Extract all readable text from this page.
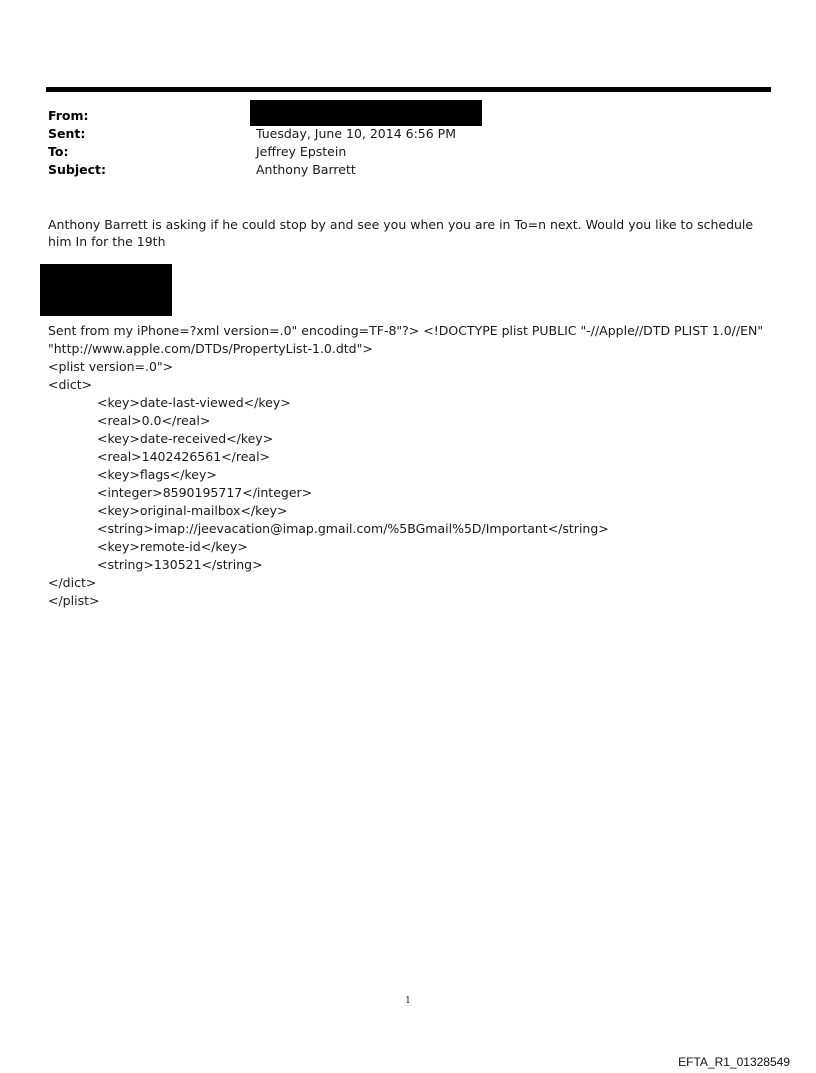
From:
Sent:	Tuesday, June 10, 2014 6:56 PM
To:	Jeffrey Epstein
Subject:	Anthony Barrett
Anthony Barrett is asking if he could stop by and see you when you are in To=n next. Would you like to schedule him In for the 19th
Sent from my iPhone=?xml version=.0" encoding=TF-8"?> <!DOCTYPE plist PUBLIC "-//Apple//DTD PLIST 1.0//EN"
"http://www.apple.com/DTDs/PropertyList-1.0.dtd">
<plist version=.0">
<dict>
<key>date-last-viewed</key>
<real>0.0</real>
<key>date-received</key>
<real>1402426561</real>
<key>flags</key>
<integer>8590195717</integer>
<key>original-mailbox</key>
<string>imap://jeevacation@imap.gmail.com/%5BGmail%5D/Important</string>
<key>remote-id</key>
<string>130521</string>
</dict>
</plist>
1
EFTA_R1_01328549
